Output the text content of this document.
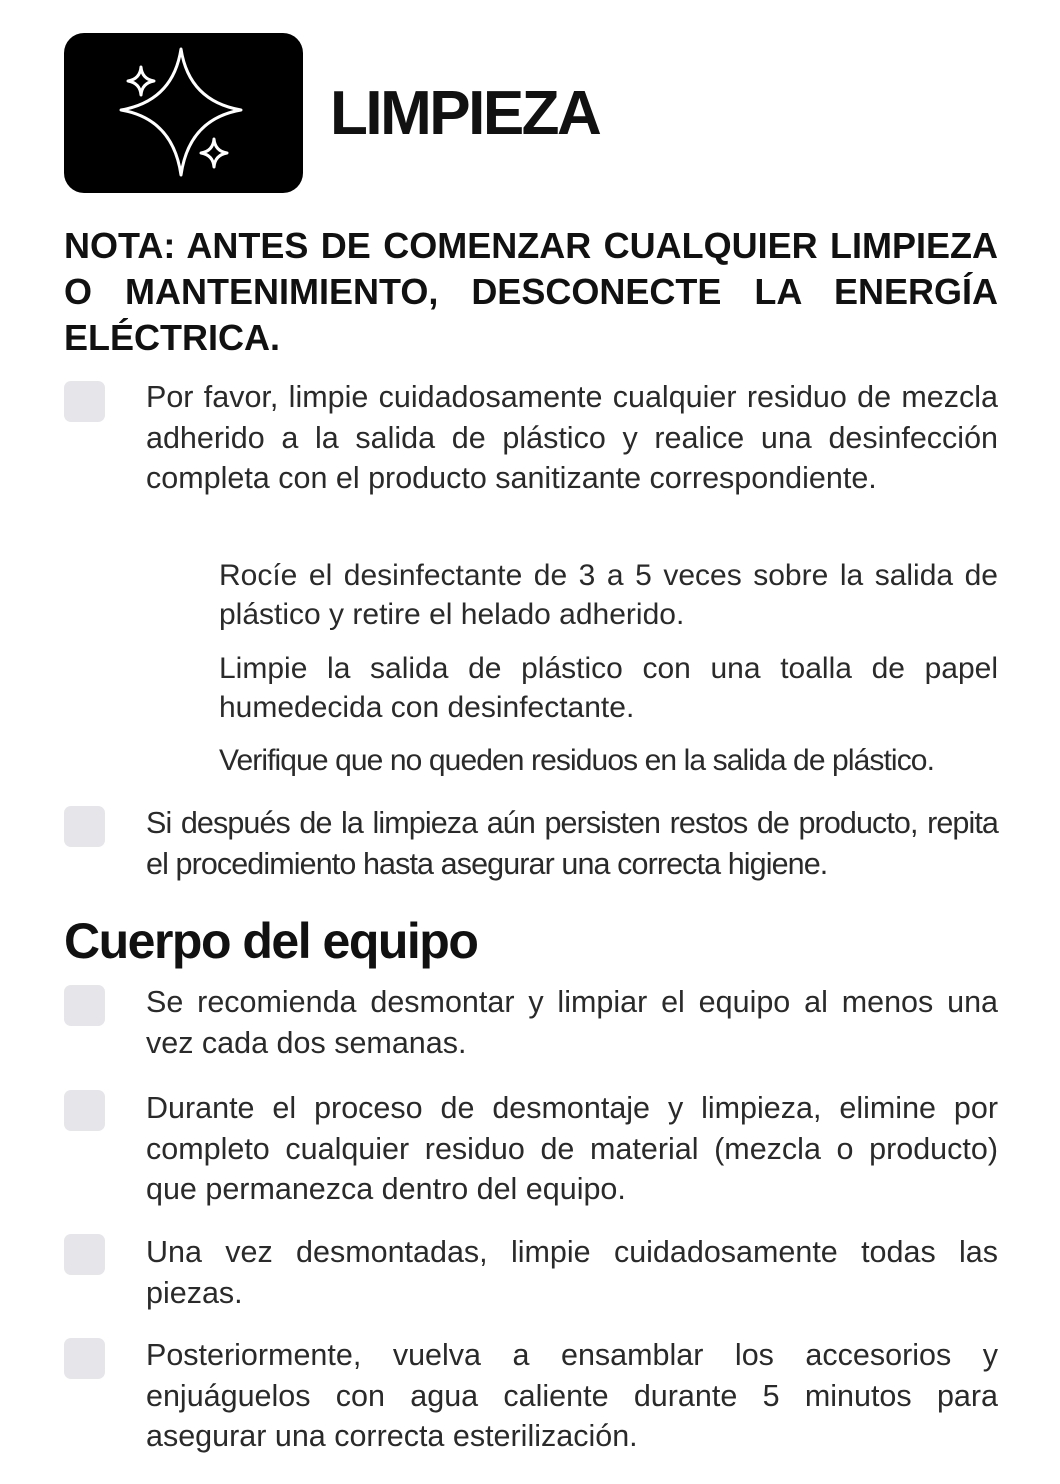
LIMPIEZA

NOTA: ANTES DE COMENZAR CUALQUIER LIMPIEZA O MANTENIMIENTO, DESCONECTE LA ENERGÍA ELÉCTRICA.

Por favor, limpie cuidadosamente cualquier residuo de mezcla adherido a la salida de plástico y realice una desinfección completa con el producto sanitizante correspondiente.

Rocíe el desinfectante de 3 a 5 veces sobre la salida de plástico y retire el helado adherido.

Limpie la salida de plástico con una toalla de papel humedecida con desinfectante.

Verifique que no queden residuos en la salida de plástico.

Si después de la limpieza aún persisten restos de producto, repita el procedimiento hasta asegurar una correcta higiene.

Cuerpo del equipo

Se recomienda desmontar y limpiar el equipo al menos una vez cada dos semanas.

Durante el proceso de desmontaje y limpieza, elimine por completo cualquier residuo de material (mezcla o producto) que permanezca dentro del equipo.

Una vez desmontadas, limpie cuidadosamente todas las piezas.

Posteriormente, vuelva a ensamblar los accesorios y enjuáguelos con agua caliente durante 5 minutos para asegurar una correcta esterilización.
